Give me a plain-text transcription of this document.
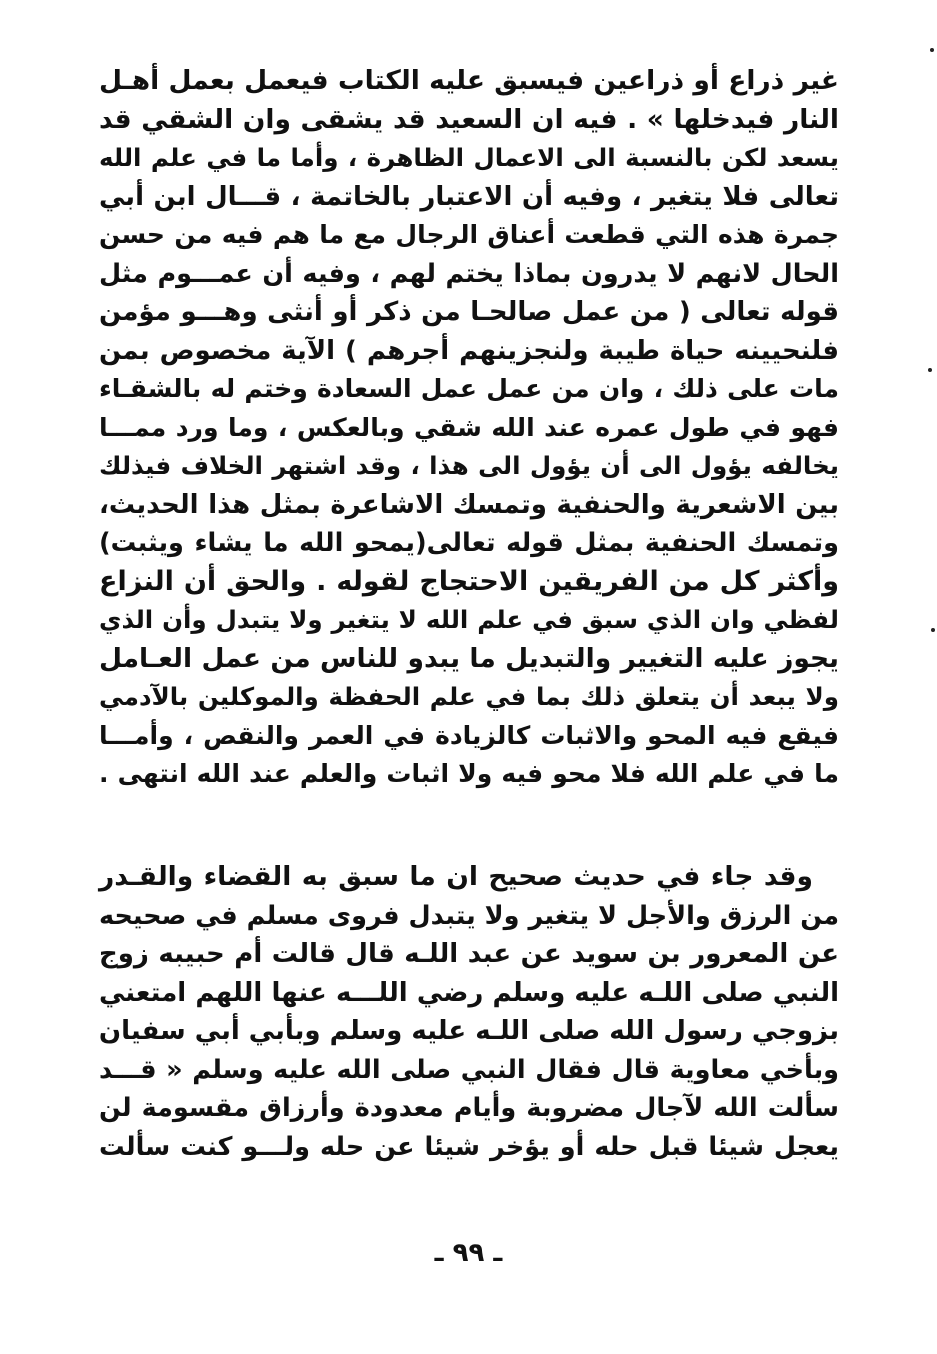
غير ذراع أو ذراعين فيسبق عليه الكتاب فيعمل بعمل أهـل
النار فيدخلها » . فيه ان السعيد قد يشقى وان الشقي قد
يسعد لكن بالنسبة الى الاعمال الظاهرة ، وأما ما في علم الله
تعالى فلا يتغير ، وفيه أن الاعتبار بالخاتمة ، قـــال ابن أبي
جمرة هذه التي قطعت أعناق الرجال مع ما هم فيه من حسن
الحال لانهم لا يدرون بماذا يختم لهم ، وفيه أن عمـــوم مثل
قوله تعالى ( من عمل صالحـا من ذكر أو أنثى وهـــو مؤمن
فلنحيينه حياة طيبة ولنجزينهم أجرهم ) الآية مخصوص بمن
مات على ذلك ، وان من عمل عمل السعادة وختم له بالشقـاء
فهو في طول عمره عند الله شقي وبالعكس ، وما ورد ممـــا
يخالفه يؤول الى أن يؤول الى هذا ، وقد اشتهر الخلاف فيذلك
بين الاشعرية والحنفية وتمسك الاشاعرة بمثل هذا الحديث،
وتمسك الحنفية بمثل قوله تعالى(يمحو الله ما يشاء ويثبت)
وأكثر كل من الفريقين الاحتجاج لقوله . والحق أن النزاع
لفظي وان الذي سبق في علم الله لا يتغير ولا يتبدل وأن الذي
يجوز عليه التغيير والتبديل ما يبدو للناس من عمل العـامل
ولا يبعد أن يتعلق ذلك بما في علم الحفظة والموكلين بالآدمي
فيقع فيه المحو والاثبات كالزيادة في العمر والنقص ، وأمـــا
ما في علم الله فلا محو فيه ولا اثبات والعلم عند الله انتهى .
وقد جاء في حديث صحيح ان ما سبق به القضاء والقـدر
من الرزق والأجل لا يتغير ولا يتبدل فروى مسلم في صحيحه
عن المعرور بن سويد عن عبد اللـه قال قالت أم حبيبه زوج
النبي صلى اللـه عليه وسلم رضي اللـــه عنها اللهم امتعني
بزوجي رسول الله صلى اللـه عليه وسلم وبأبي أبي سفيان
وبأخي معاوية قال فقال النبي صلى الله عليه وسلم « قـــد
سألت الله لآجال مضروبة وأيام معدودة وأرزاق مقسومة لن
يعجل شيئا قبل حله أو يؤخر شيئا عن حله ولـــو كنت سألت
ـ ٩٩ ـ
